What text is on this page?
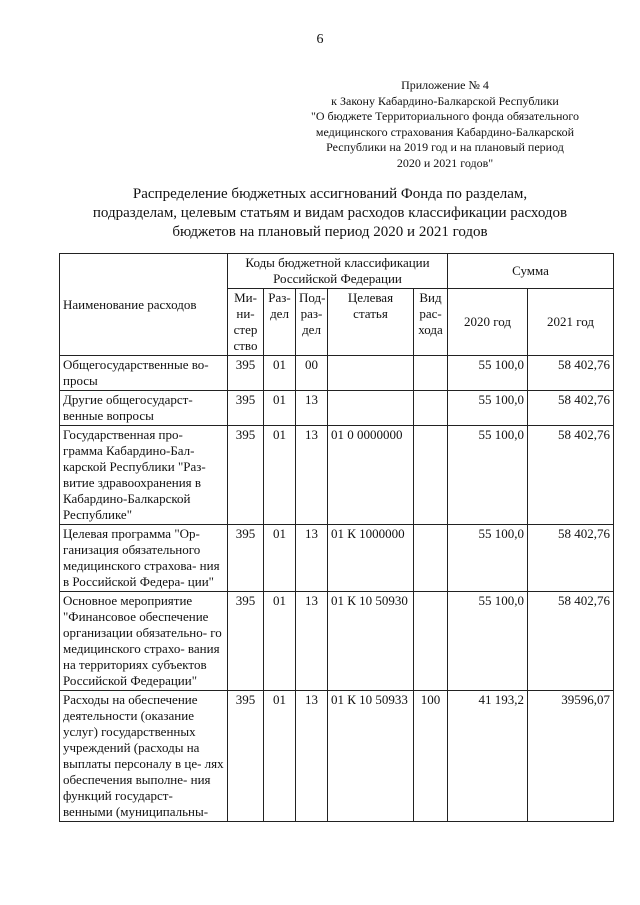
6
Приложение № 4
к Закону Кабардино-Балкарской Республики
"О бюджете Территориального фонда обязательного
медицинского страхования Кабардино-Балкарской
Республики на 2019 год и на плановый период
2020 и 2021 годов"
Распределение бюджетных ассигнований Фонда по разделам,
подразделам, целевым статьям и видам расходов классификации расходов
бюджетов на плановый период 2020 и 2021 годов
Наименование расходов	Коды бюджетной классификации Российской Федерации					Сумма	
	Ми- ни- стер ство	Раз- дел	Под- раз- дел	Целевая статья	Вид рас- хода	2020 год	2021 год
Общегосударственные во- просы	395	01	00			55 100,0	58 402,76
Другие общегосударст- венные вопросы	395	01	13			55 100,0	58 402,76
Государственная про- грамма Кабардино-Бал- карской Республики "Раз- витие здравоохранения в Кабардино-Балкарской Республике"	395	01	13	01 0 0000000		55 100,0	58 402,76
Целевая программа "Ор- ганизация обязательного медицинского страхова- ния в Российской Федера- ции"	395	01	13	01 К 1000000		55 100,0	58 402,76
Основное мероприятие "Финансовое обеспечение организации обязательно- го медицинского страхо- вания на территориях субъектов Российской Федерации"	395	01	13	01 К 10 50930		55 100,0	58 402,76
Расходы на обеспечение деятельности (оказание услуг) государственных учреждений (расходы на выплаты персоналу в це- лях обеспечения выполне- ния функций государст- венными (муниципальны-	395	01	13	01 К 10 50933	100	41 193,2	39596,07
